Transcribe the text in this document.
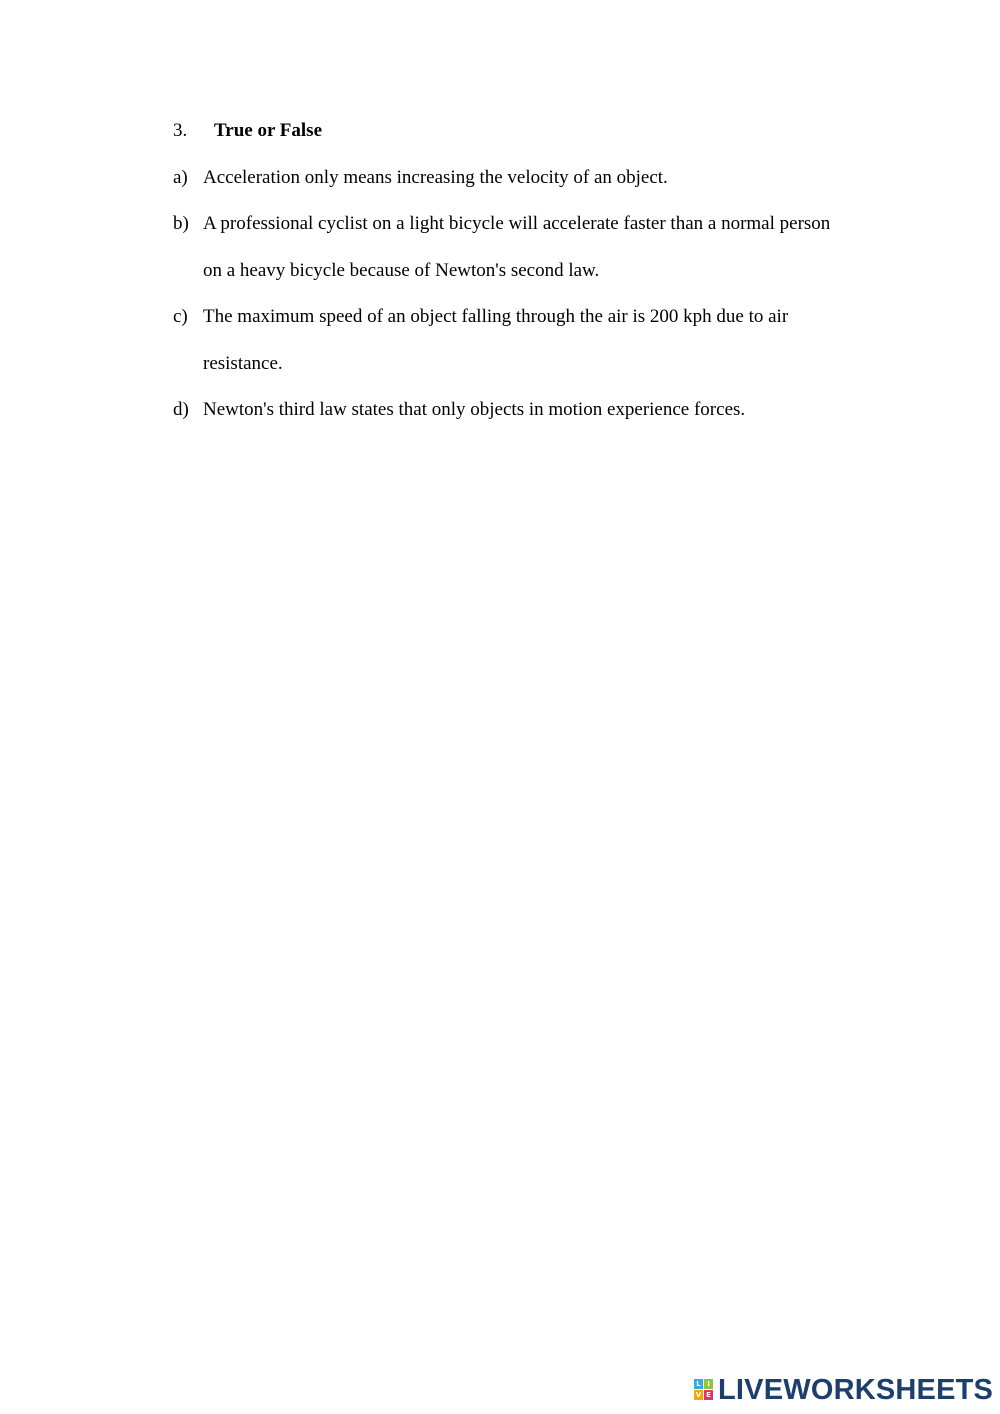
3. True or False
a) Acceleration only means increasing the velocity of an object.
b) A professional cyclist on a light bicycle will accelerate faster than a normal person on a heavy bicycle because of Newton's second law.
c) The maximum speed of an object falling through the air is 200 kph due to air resistance.
d) Newton's third law states that only objects in motion experience forces.
L I
V E LIVEWORKSHEETS
